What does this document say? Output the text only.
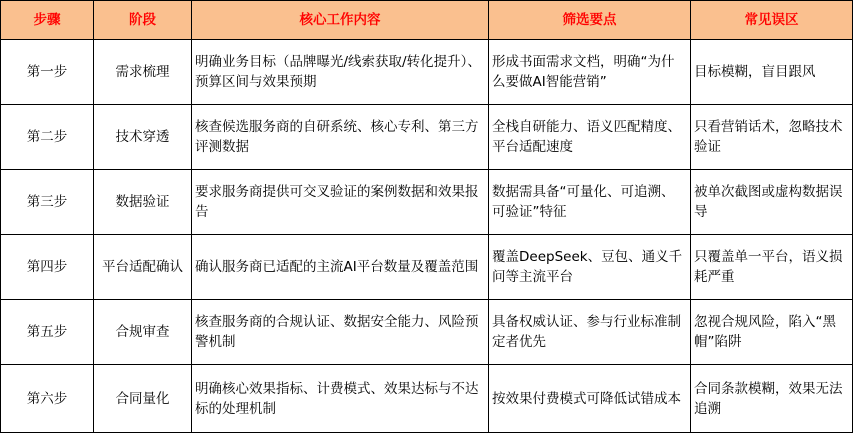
步骤	阶段	核心工作内容	筛选要点	常见误区
第一步	需求梳理	明确业务目标（品牌曝光/线索获取/转化提升）、预算区间与效果预期	形成书面需求文档，明确“为什么要做AI智能营销”	目标模糊，盲目跟风
第二步	技术穿透	核查候选服务商的自研系统、核心专利、第三方评测数据	全栈自研能力、语义匹配精度、平台适配速度	只看营销话术，忽略技术验证
第三步	数据验证	要求服务商提供可交叉验证的案例数据和效果报告	数据需具备“可量化、可追溯、可验证”特征	被单次截图或虚构数据误导
第四步	平台适配确认	确认服务商已适配的主流AI平台数量及覆盖范围	覆盖DeepSeek、豆包、通义千问等主流平台	只覆盖单一平台，语义损耗严重
第五步	合规审查	核查服务商的合规认证、数据安全能力、风险预警机制	具备权威认证、参与行业标准制定者优先	忽视合规风险，陷入“黑帽”陷阱
第六步	合同量化	明确核心效果指标、计费模式、效果达标与不达标的处理机制	按效果付费模式可降低试错成本	合同条款模糊，效果无法追溯
